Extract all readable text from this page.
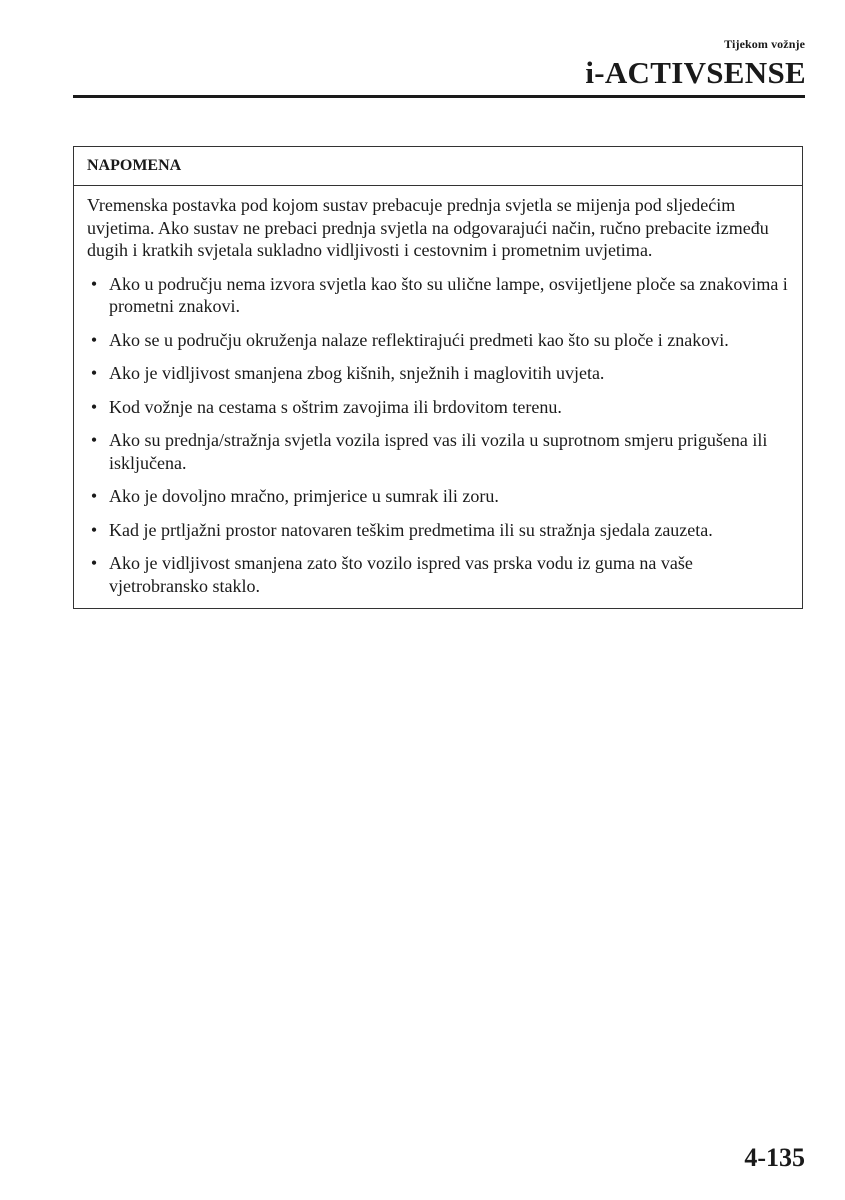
Tijekom vožnje
i-ACTIVSENSE
NAPOMENA

Vremenska postavka pod kojom sustav prebacuje prednja svjetla se mijenja pod sljedećim uvjetima. Ako sustav ne prebaci prednja svjetla na odgovarajući način, ručno prebacite između dugih i kratkih svjetala sukladno vidljivosti i cestovnim i prometnim uvjetima.

• Ako u području nema izvora svjetla kao što su ulične lampe, osvijetljene ploče sa znakovima i prometni znakovi.
• Ako se u području okruženja nalaze reflektirajući predmeti kao što su ploče i znakovi.
• Ako je vidljivost smanjena zbog kišnih, snježnih i maglovitih uvjeta.
• Kod vožnje na cestama s oštrim zavojima ili brdovitom terenu.
• Ako su prednja/stražnja svjetla vozila ispred vas ili vozila u suprotnom smjeru prigušena ili isključena.
• Ako je dovoljno mračno, primjerice u sumrak ili zoru.
• Kad je prtljažni prostor natovaren teškim predmetima ili su stražnja sjedala zauzeta.
• Ako je vidljivost smanjena zato što vozilo ispred vas prska vodu iz guma na vaše vjetrobransko staklo.
4-135
